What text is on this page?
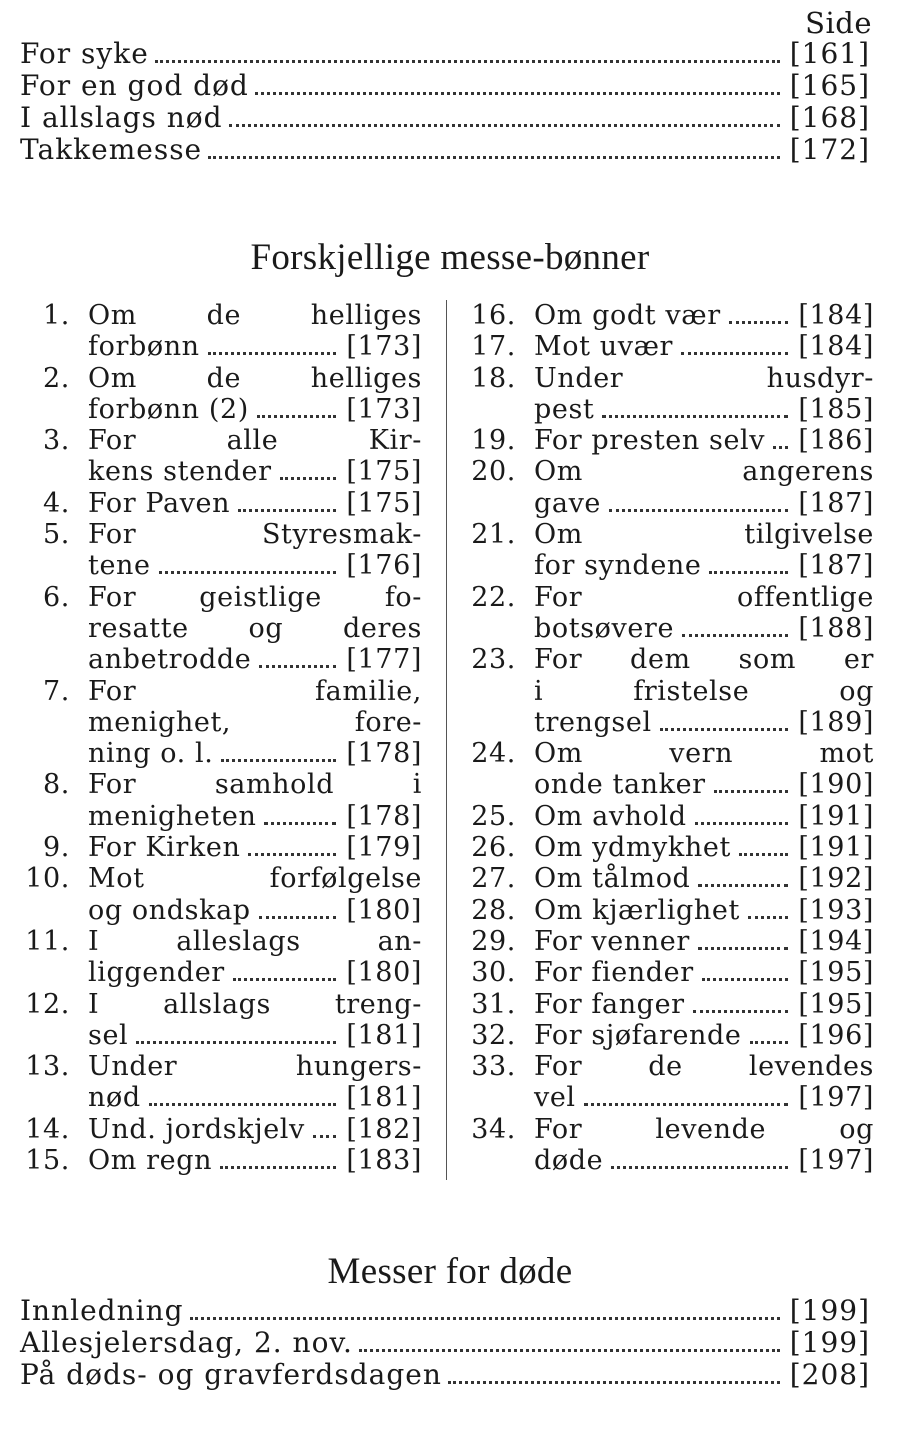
Side
For syke	[161]
For en god død	[165]
I allslags nød	[168]
Takkemesse	[172]
Forskjellige messe-bønner
1. Om de helliges
forbønn	[173]
2. Om de helliges
forbønn (2)	[173]
3. For alle Kir-
kens stender	[175]
4. For Paven	[175]
5. For Styresmak-
tene	[176]
6. For geistlige fo-
resatte og deres
anbetrodde	[177]
7. For familie,
menighet, fore-
ning o. l.	[178]
8. For samhold i
menigheten	[178]
9. For Kirken	[179]
10. Mot forfølgelse
og ondskap	[180]
11. I alleslags an-
liggender	[180]
12. I allslags treng-
sel	[181]
13. Under hungers-
nød	[181]
14. Und. jordskjelv [182]
15. Om regn	[183]
16. Om godt vær	[184]
17. Mot uvær	[184]
18. Under husdyr-
pest	[185]
19. For presten selv [186]
20. Om angerens
gave	[187]
21. Om tilgivelse
for syndene	[187]
22. For offentlige
botsøvere	[188]
23. For dem som er
i fristelse og
trengsel	[189]
24. Om vern mot
onde tanker	[190]
25. Om avhold	[191]
26. Om ydmykhet [191]
27. Om tålmod	[192]
28. Om kjærlighet [193]
29. For venner	[194]
30. For fiender	[195]
31. For fanger	[195]
32. For sjøfarende [196]
33. For de levendes
vel	[197]
34. For levende og
døde	[197]
Messer for døde
Innledning	[199]
Allesjelersdag, 2. nov.	[199]
På døds- og gravferdsdagen	[208]
